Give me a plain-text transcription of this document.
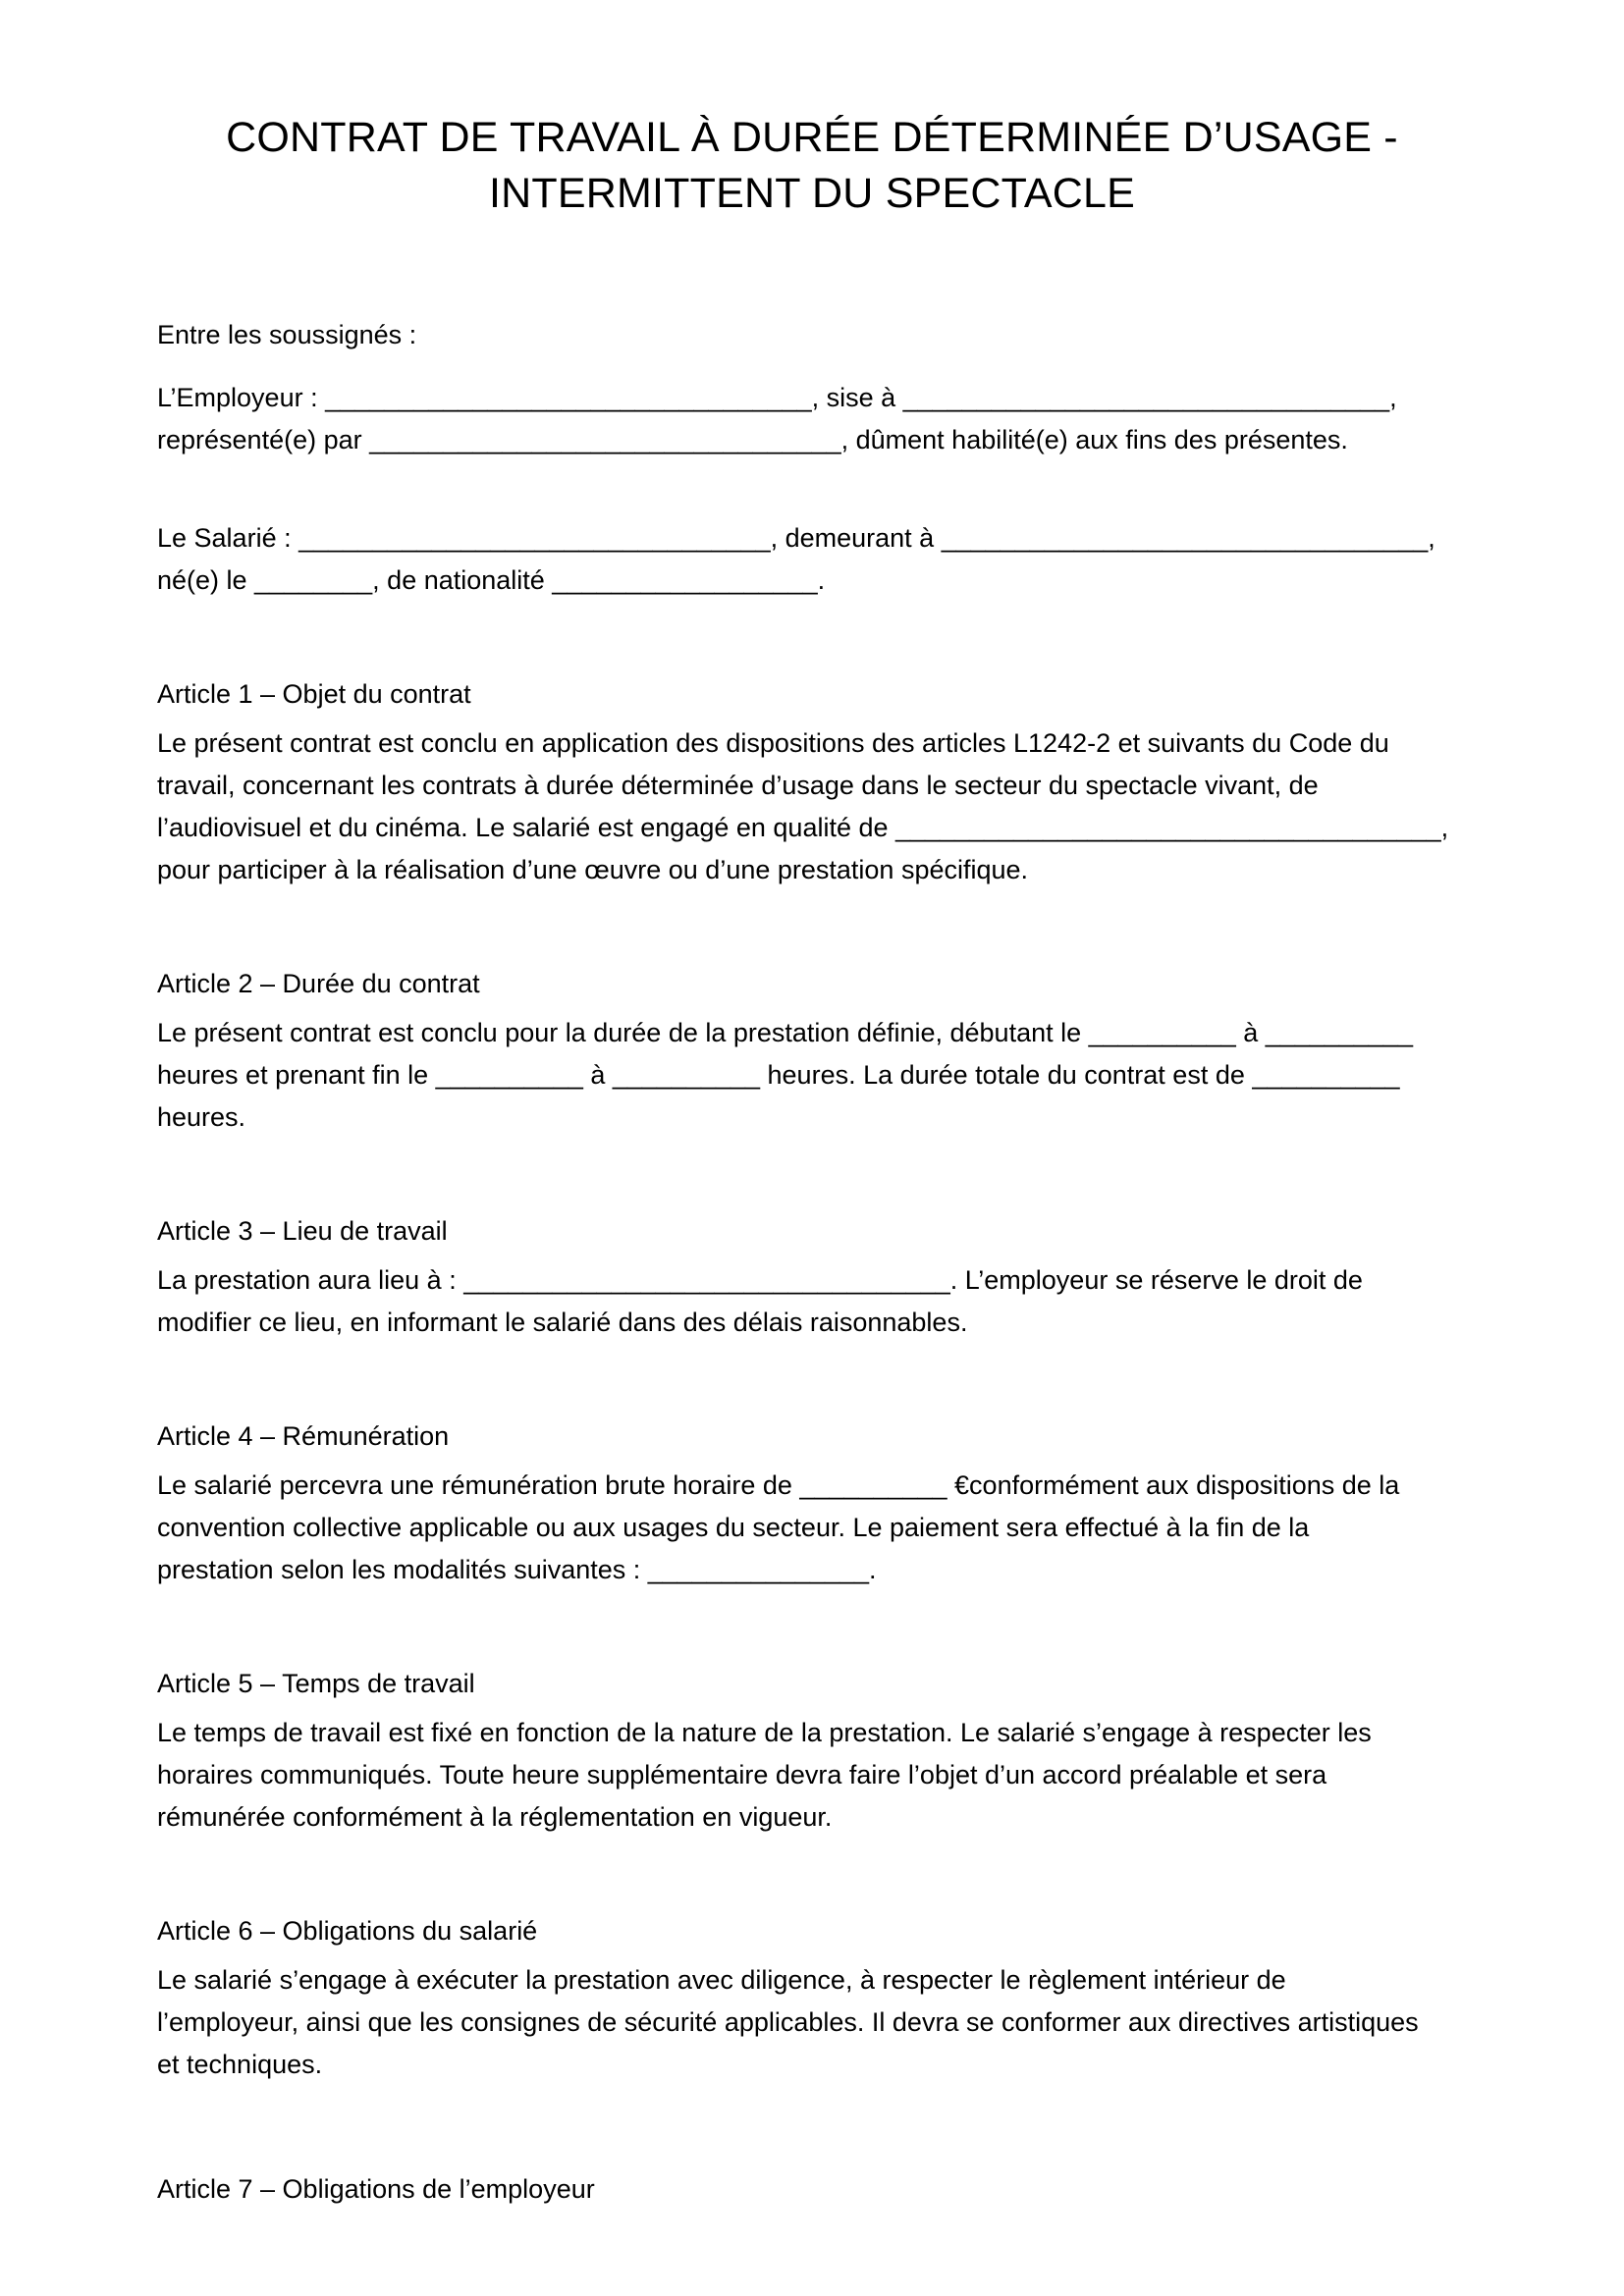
CONTRAT DE TRAVAIL À DURÉE DÉTERMINÉE D’USAGE -
INTERMITTENT DU SPECTACLE

Entre les soussignés :

L’Employeur : _________________________________, sise à _________________________________,
représenté(e) par ________________________________, dûment habilité(e) aux fins des présentes.
Le Salarié : ________________________________, demeurant à _________________________________,
né(e) le ________, de nationalité __________________.
Article 1 – Objet du contrat
Le présent contrat est conclu en application des dispositions des articles L1242-2 et suivants du Code du
travail, concernant les contrats à durée déterminée d’usage dans le secteur du spectacle vivant, de
l’audiovisuel et du cinéma. Le salarié est engagé en qualité de _____________________________________,
pour participer à la réalisation d’une œuvre ou d’une prestation spécifique.
Article 2 – Durée du contrat
Le présent contrat est conclu pour la durée de la prestation définie, débutant le __________ à __________
heures et prenant fin le __________ à __________ heures. La durée totale du contrat est de __________
heures.
Article 3 – Lieu de travail
La prestation aura lieu à : _________________________________. L’employeur se réserve le droit de
modifier ce lieu, en informant le salarié dans des délais raisonnables.
Article 4 – Rémunération
Le salarié percevra une rémunération brute horaire de __________ €conformément aux dispositions de la
convention collective applicable ou aux usages du secteur. Le paiement sera effectué à la fin de la
prestation selon les modalités suivantes : _______________.
Article 5 – Temps de travail
Le temps de travail est fixé en fonction de la nature de la prestation. Le salarié s’engage à respecter les
horaires communiqués. Toute heure supplémentaire devra faire l’objet d’un accord préalable et sera
rémunérée conformément à la réglementation en vigueur.
Article 6 – Obligations du salarié
Le salarié s’engage à exécuter la prestation avec diligence, à respecter le règlement intérieur de
l’employeur, ainsi que les consignes de sécurité applicables. Il devra se conformer aux directives artistiques
et techniques.
Article 7 – Obligations de l’employeur
